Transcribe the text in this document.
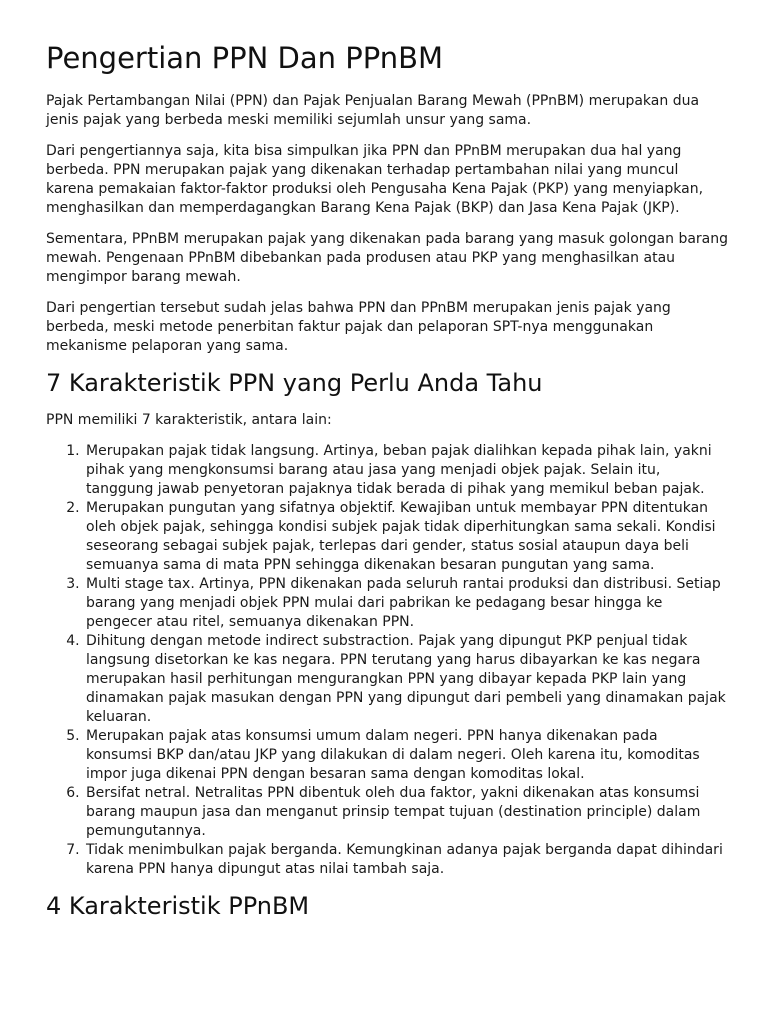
Pengertian PPN Dan PPnBM

Pajak Pertambangan Nilai (PPN) dan Pajak Penjualan Barang Mewah (PPnBM) merupakan dua jenis pajak yang berbeda meski memiliki sejumlah unsur yang sama.

Dari pengertiannya saja, kita bisa simpulkan jika PPN dan PPnBM merupakan dua hal yang berbeda. PPN merupakan pajak yang dikenakan terhadap pertambahan nilai yang muncul karena pemakaian faktor-faktor produksi oleh Pengusaha Kena Pajak (PKP) yang menyiapkan, menghasilkan dan memperdagangkan Barang Kena Pajak (BKP) dan Jasa Kena Pajak (JKP).

Sementara, PPnBM merupakan pajak yang dikenakan pada barang yang masuk golongan barang mewah. Pengenaan PPnBM dibebankan pada produsen atau PKP yang menghasilkan atau mengimpor barang mewah.

Dari pengertian tersebut sudah jelas bahwa PPN dan PPnBM merupakan jenis pajak yang berbeda, meski metode penerbitan faktur pajak dan pelaporan SPT-nya menggunakan mekanisme pelaporan yang sama.

7 Karakteristik PPN yang Perlu Anda Tahu

PPN memiliki 7 karakteristik, antara lain:

1. Merupakan pajak tidak langsung. Artinya, beban pajak dialihkan kepada pihak lain, yakni pihak yang mengkonsumsi barang atau jasa yang menjadi objek pajak. Selain itu, tanggung jawab penyetoran pajaknya tidak berada di pihak yang memikul beban pajak.
2. Merupakan pungutan yang sifatnya objektif. Kewajiban untuk membayar PPN ditentukan oleh objek pajak, sehingga kondisi subjek pajak tidak diperhitungkan sama sekali. Kondisi seseorang sebagai subjek pajak, terlepas dari gender, status sosial ataupun daya beli semuanya sama di mata PPN sehingga dikenakan besaran pungutan yang sama.
3. Multi stage tax. Artinya, PPN dikenakan pada seluruh rantai produksi dan distribusi. Setiap barang yang menjadi objek PPN mulai dari pabrikan ke pedagang besar hingga ke pengecer atau ritel, semuanya dikenakan PPN.
4. Dihitung dengan metode indirect substraction. Pajak yang dipungut PKP penjual tidak langsung disetorkan ke kas negara. PPN terutang yang harus dibayarkan ke kas negara merupakan hasil perhitungan mengurangkan PPN yang dibayar kepada PKP lain yang dinamakan pajak masukan dengan PPN yang dipungut dari pembeli yang dinamakan pajak keluaran.
5. Merupakan pajak atas konsumsi umum dalam negeri. PPN hanya dikenakan pada konsumsi BKP dan/atau JKP yang dilakukan di dalam negeri. Oleh karena itu, komoditas impor juga dikenai PPN dengan besaran sama dengan komoditas lokal.
6. Bersifat netral. Netralitas PPN dibentuk oleh dua faktor, yakni dikenakan atas konsumsi barang maupun jasa dan menganut prinsip tempat tujuan (destination principle) dalam pemungutannya.
7. Tidak menimbulkan pajak berganda. Kemungkinan adanya pajak berganda dapat dihindari karena PPN hanya dipungut atas nilai tambah saja.
4 Karakteristik PPnBM
